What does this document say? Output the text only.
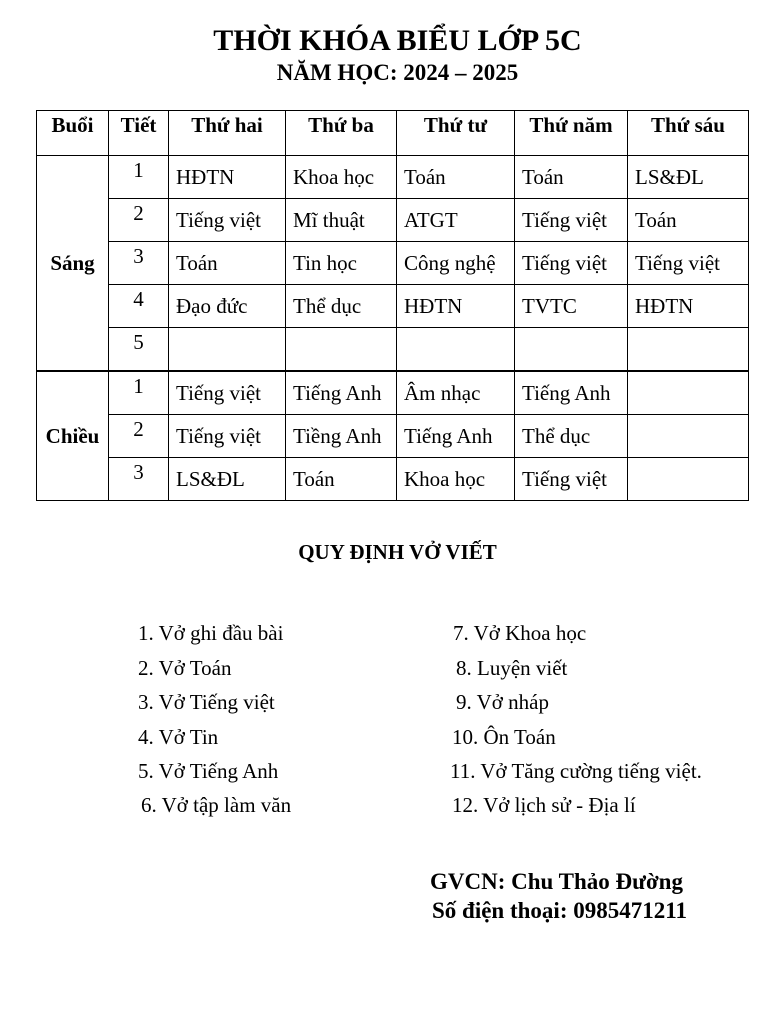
THỜI KHÓA BIỂU LỚP 5C
NĂM HỌC: 2024 – 2025
Buổi	Tiết	Thứ hai	Thứ ba	Thứ tư	Thứ năm	Thứ sáu
Sáng	1	HĐTN	Khoa học	Toán	Toán	LS&ĐL
	2	Tiếng việt	Mĩ thuật	ATGT	Tiếng việt	Toán
	3	Toán	Tin học	Công nghệ	Tiếng việt	Tiếng việt
	4	Đạo đức	Thể dục	HĐTN	TVTC	HĐTN
	5					
Chiều	1	Tiếng việt	Tiếng Anh	Âm nhạc	Tiếng Anh	
	2	Tiếng việt	Tiềng Anh	Tiếng Anh	Thể dục	
	3	LS&ĐL	Toán	Khoa học	Tiếng việt	
QUY ĐỊNH VỞ VIẾT
1. Vở ghi đầu bài
2. Vở Toán
3. Vở Tiếng việt
4. Vở Tin
5. Vở Tiếng Anh
6. Vở tập làm văn
7. Vở Khoa học
8. Luyện viết
9. Vở nháp
10. Ôn Toán
11. Vở Tăng cường tiếng việt.
12. Vở lịch sử - Địa lí
GVCN: Chu Thảo Đường
Số điện thoại: 0985471211
